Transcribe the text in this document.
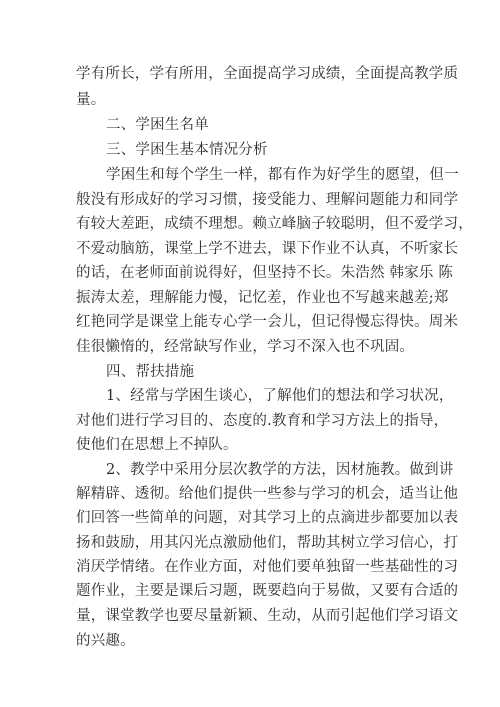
学有所长，学有所用，全面提高学习成绩，全面提高教学质
量。
二、学困生名单
三、学困生基本情况分析
学困生和每个学生一样，都有作为好学生的愿望，但一
般没有形成好的学习习惯，接受能力、理解问题能力和同学
有较大差距，成绩不理想。赖立峰脑子较聪明，但不爱学习，
不爱动脑筋，课堂上学不进去，课下作业不认真，不听家长
的话，在老师面前说得好，但坚持不长。朱浩然 韩家乐 陈
振涛太差，理解能力慢，记忆差，作业也不写越来越差;郑
红艳同学是课堂上能专心学一会儿，但记得慢忘得快。周米
佳很懒惰的，经常缺写作业，学习不深入也不巩固。
四、帮扶措施
1、经常与学困生谈心，了解他们的想法和学习状况，
对他们进行学习目的、态度的.教育和学习方法上的指导，
使他们在思想上不掉队。
2、教学中采用分层次教学的方法，因材施教。做到讲
解精辟、透彻。给他们提供一些参与学习的机会，适当让他
们回答一些简单的问题，对其学习上的点滴进步都要加以表
扬和鼓励，用其闪光点激励他们，帮助其树立学习信心，打
消厌学情绪。在作业方面，对他们要单独留一些基础性的习
题作业，主要是课后习题，既要趋向于易做，又要有合适的
量，课堂教学也要尽量新颖、生动，从而引起他们学习语文
的兴趣。
